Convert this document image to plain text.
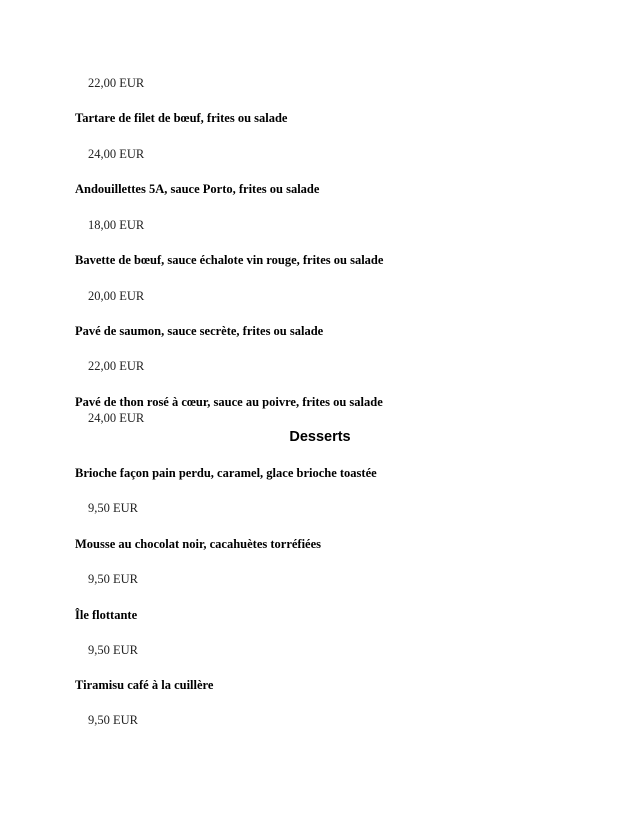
22,00 EUR
Tartare de filet de bœuf, frites ou salade
24,00 EUR
Andouillettes 5A, sauce Porto, frites ou salade
18,00 EUR
Bavette de bœuf, sauce échalote vin rouge, frites ou salade
20,00 EUR
Pavé de saumon, sauce secrète, frites ou salade
22,00 EUR
Pavé de thon rosé à cœur, sauce au poivre, frites ou salade
24,00 EUR
Desserts
Brioche façon pain perdu, caramel, glace brioche toastée
9,50 EUR
Mousse au chocolat noir, cacahuètes torréfiées
9,50 EUR
Île flottante
9,50 EUR
Tiramisu café à la cuillère
9,50 EUR
